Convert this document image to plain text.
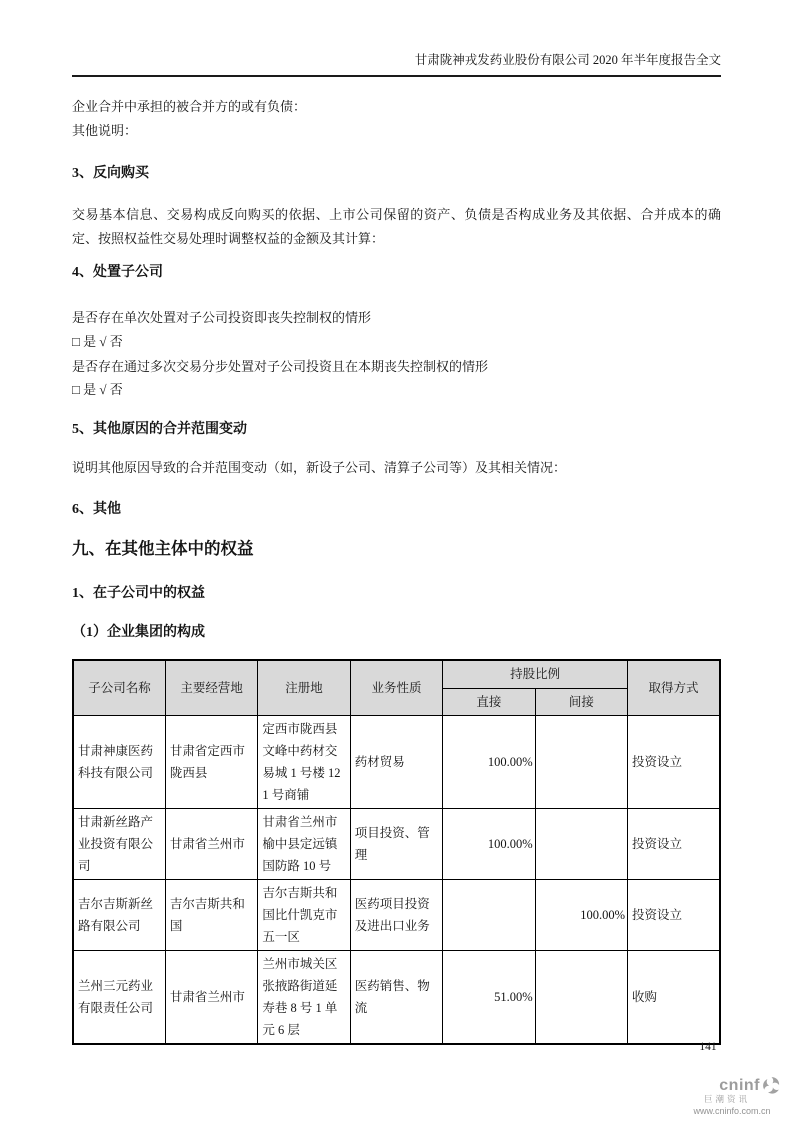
甘肃陇神戎发药业股份有限公司 2020 年半年度报告全文
企业合并中承担的被合并方的或有负债：
其他说明：
3、反向购买
交易基本信息、交易构成反向购买的依据、上市公司保留的资产、负债是否构成业务及其依据、合并成本的确定、按照权益性交易处理时调整权益的金额及其计算：
4、处置子公司
是否存在单次处置对子公司投资即丧失控制权的情形
□ 是 √ 否
是否存在通过多次交易分步处置对子公司投资且在本期丧失控制权的情形
□ 是 √ 否
5、其他原因的合并范围变动
说明其他原因导致的合并范围变动（如，新设子公司、清算子公司等）及其相关情况：
6、其他
九、在其他主体中的权益
1、在子公司中的权益
（1）企业集团的构成
子公司名称	主要经营地	注册地	业务性质	持股比例		取得方式
				直接	间接	
甘肃神康医药科技有限公司	甘肃省定西市陇西县	定西市陇西县文峰中药材交易城 1 号楼 121 号商铺	药材贸易	100.00%		投资设立
甘肃新丝路产业投资有限公司	甘肃省兰州市	甘肃省兰州市榆中县定远镇国防路 10 号	项目投资、管理	100.00%		投资设立
吉尔吉斯新丝路有限公司	吉尔吉斯共和国	吉尔吉斯共和国比什凯克市五一区	医药项目投资及进出口业务		100.00%	投资设立
兰州三元药业有限责任公司	甘肃省兰州市	兰州市城关区张掖路街道延寿巷 8 号 1 单元 6 层	医药销售、物流	51.00%		收购
141
cninf
巨潮资讯
www.cninfo.com.cn
